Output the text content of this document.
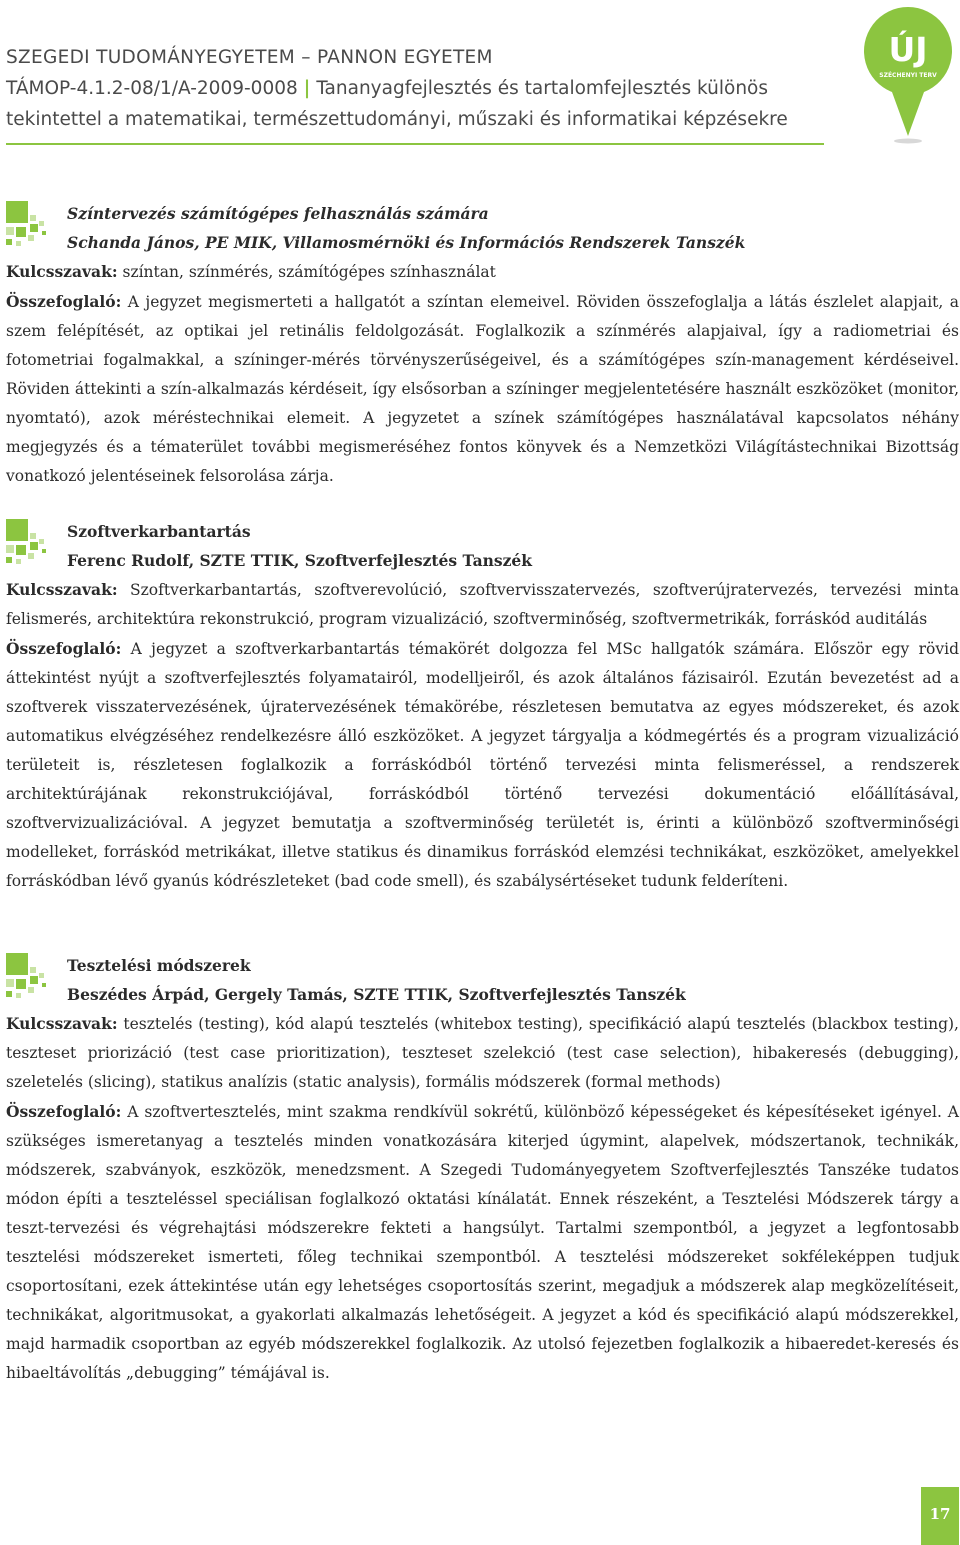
SZEGEDI TUDOMÁNYEGYETEM – PANNON EGYETEM
TÁMOP-4.1.2-08/1/A-2009-0008 | Tananyagfejlesztés és tartalomfejlesztés különös
tekintettel a matematikai, természettudományi, műszaki és informatikai képzésekre
ÚJ
SZÉCHENYI TERV
Színtervezés számítógépes felhasználás számára
Schanda János, PE MIK, Villamosmérnöki és Információs Rendszerek Tanszék

Kulcsszavak: színtan, színmérés, számítógépes színhasználat

Összefoglaló: A jegyzet megismerteti a hallgatót a színtan elemeivel. Röviden összefoglalja a látás észlelet alapjait, a szem felépítését, az optikai jel retinális feldolgozását. Foglalkozik a színmérés alapjaival, így a radiometriai és fotometriai fogalmakkal, a színinger-mérés törvényszerűségeivel, és a számítógépes szín-management kérdéseivel. Röviden áttekinti a szín-alkalmazás kérdéseit, így elsősorban a színinger megjelentetésére használt eszközöket (monitor, nyomtató), azok méréstechnikai elemeit. A jegyzetet a színek számítógépes használatával kapcsolatos néhány megjegyzés és a tématerület további megismeréséhez fontos könyvek és a Nemzetközi Világítástechnikai Bizottság vonatkozó jelentéseinek felsorolása zárja.

Szoftverkarbantartás
Ferenc Rudolf, SZTE TTIK, Szoftverfejlesztés Tanszék

Kulcsszavak: Szoftverkarbantartás, szoftverevolúció, szoftvervisszatervezés, szoftverújratervezés, tervezési minta felismerés, architektúra rekonstrukció, program vizualizáció, szoftverminőség, szoftvermetrikák, forráskód auditálás

Összefoglaló: A jegyzet a szoftverkarbantartás témakörét dolgozza fel MSc hallgatók számára. Először egy rövid áttekintést nyújt a szoftverfejlesztés folyamatairól, modelljeiről, és azok általános fázisairól. Ezután bevezetést ad a szoftverek visszatervezésének, újratervezésének témakörébe, részletesen bemutatva az egyes módszereket, és azok automatikus elvégzéséhez rendelkezésre álló eszközöket. A jegyzet tárgyalja a kódmegértés és a program vizualizáció területeit is, részletesen foglalkozik a forráskódból történő tervezési minta felismeréssel, a rendszerek architektúrájának rekonstrukciójával, forráskódból történő tervezési dokumentáció előállításával, szoftvervizualizációval. A jegyzet bemutatja a szoftverminőség területét is, érinti a különböző szoftverminőségi modelleket, forráskód metrikákat, illetve statikus és dinamikus forráskód elemzési technikákat, eszközöket, amelyekkel forráskódban lévő gyanús kódrészleteket (bad code smell), és szabálysértéseket tudunk felderíteni.

Tesztelési módszerek
Beszédes Árpád, Gergely Tamás, SZTE TTIK, Szoftverfejlesztés Tanszék

Kulcsszavak: tesztelés (testing), kód alapú tesztelés (whitebox testing), specifikáció alapú tesztelés (blackbox testing), teszteset priorizáció (test case prioritization), teszteset szelekció (test case selection), hibakeresés (debugging), szeletelés (slicing), statikus analízis (static analysis), formális módszerek (formal methods)

Összefoglaló: A szoftvertesztelés, mint szakma rendkívül sokrétű, különböző képességeket és képesítéseket igényel. A szükséges ismeretanyag a tesztelés minden vonatkozására kiterjed úgymint, alapelvek, módszertanok, technikák, módszerek, szabványok, eszközök, menedzsment. A Szegedi Tudományegyetem Szoftverfejlesztés Tanszéke tudatos módon építi a teszteléssel speciálisan foglalkozó oktatási kínálatát. Ennek részeként, a Tesztelési Módszerek tárgy a teszt-tervezési és végrehajtási módszerekre fekteti a hangsúlyt. Tartalmi szempontból, a jegyzet a legfontosabb tesztelési módszereket ismerteti, főleg technikai szempontból. A tesztelési módszereket sokféleképpen tudjuk csoportosítani, ezek áttekintése után egy lehetséges csoportosítás szerint, megadjuk a módszerek alap megközelítéseit, technikákat, algoritmusokat, a gyakorlati alkalmazás lehetőségeit. A jegyzet a kód és specifikáció alapú módszerekkel, majd harmadik csoportban az egyéb módszerekkel foglalkozik. Az utolsó fejezetben foglalkozik a hibaeredet-keresés és hibaeltávolítás „debugging” témájával is.

17
